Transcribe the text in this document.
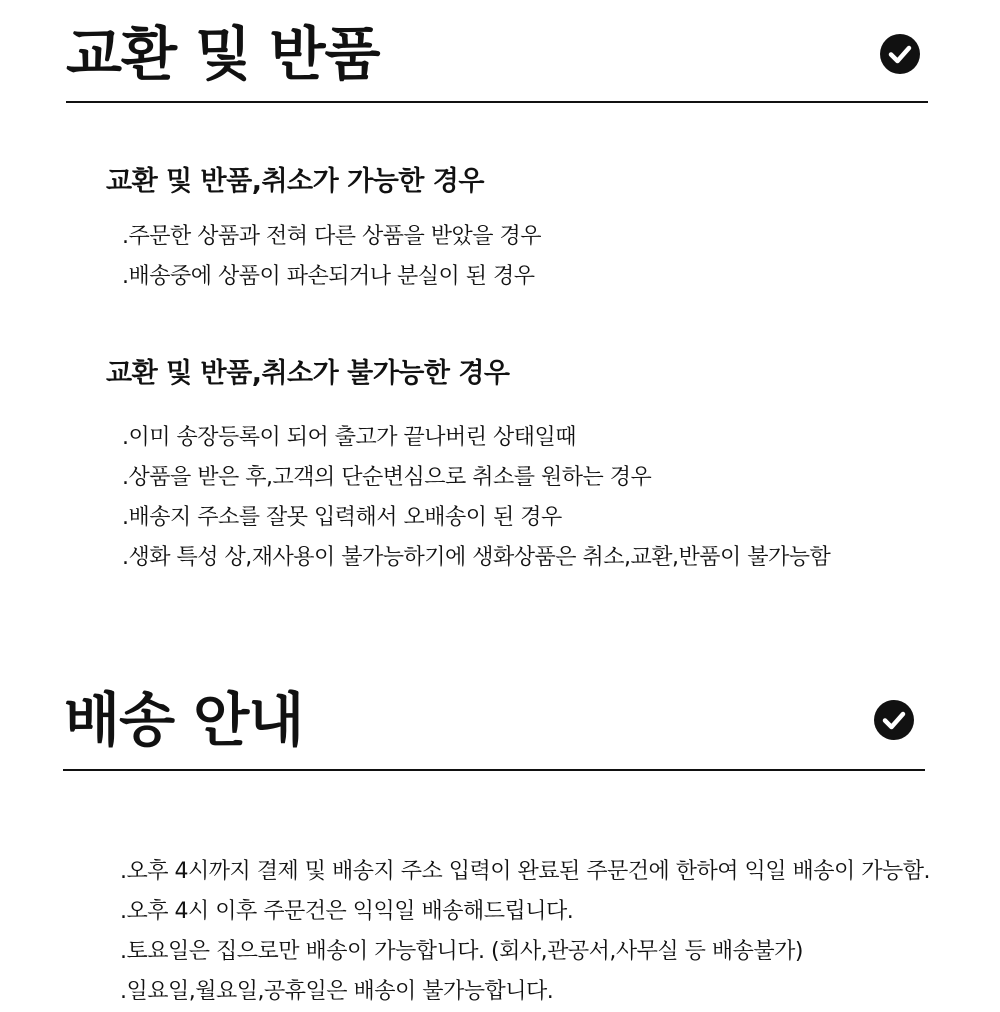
교환 및 반품
교환 및 반품,취소가 가능한 경우
.주문한 상품과 전혀 다른 상품을 받았을 경우
.배송중에 상품이 파손되거나 분실이 된 경우
교환 및 반품,취소가 불가능한 경우
.이미 송장등록이 되어 출고가 끝나버린 상태일때
.상품을 받은 후,고객의 단순변심으로 취소를 원하는 경우
.배송지 주소를 잘못 입력해서 오배송이 된 경우
.생화 특성 상,재사용이 불가능하기에 생화상품은 취소,교환,반품이 불가능함
배송 안내
.오후 4시까지 결제 및 배송지 주소 입력이 완료된 주문건에 한하여 익일 배송이 가능함.
.오후 4시 이후 주문건은 익익일 배송해드립니다.
.토요일은 집으로만 배송이 가능합니다. (회사,관공서,사무실 등 배송불가)
.일요일,월요일,공휴일은 배송이 불가능합니다.
